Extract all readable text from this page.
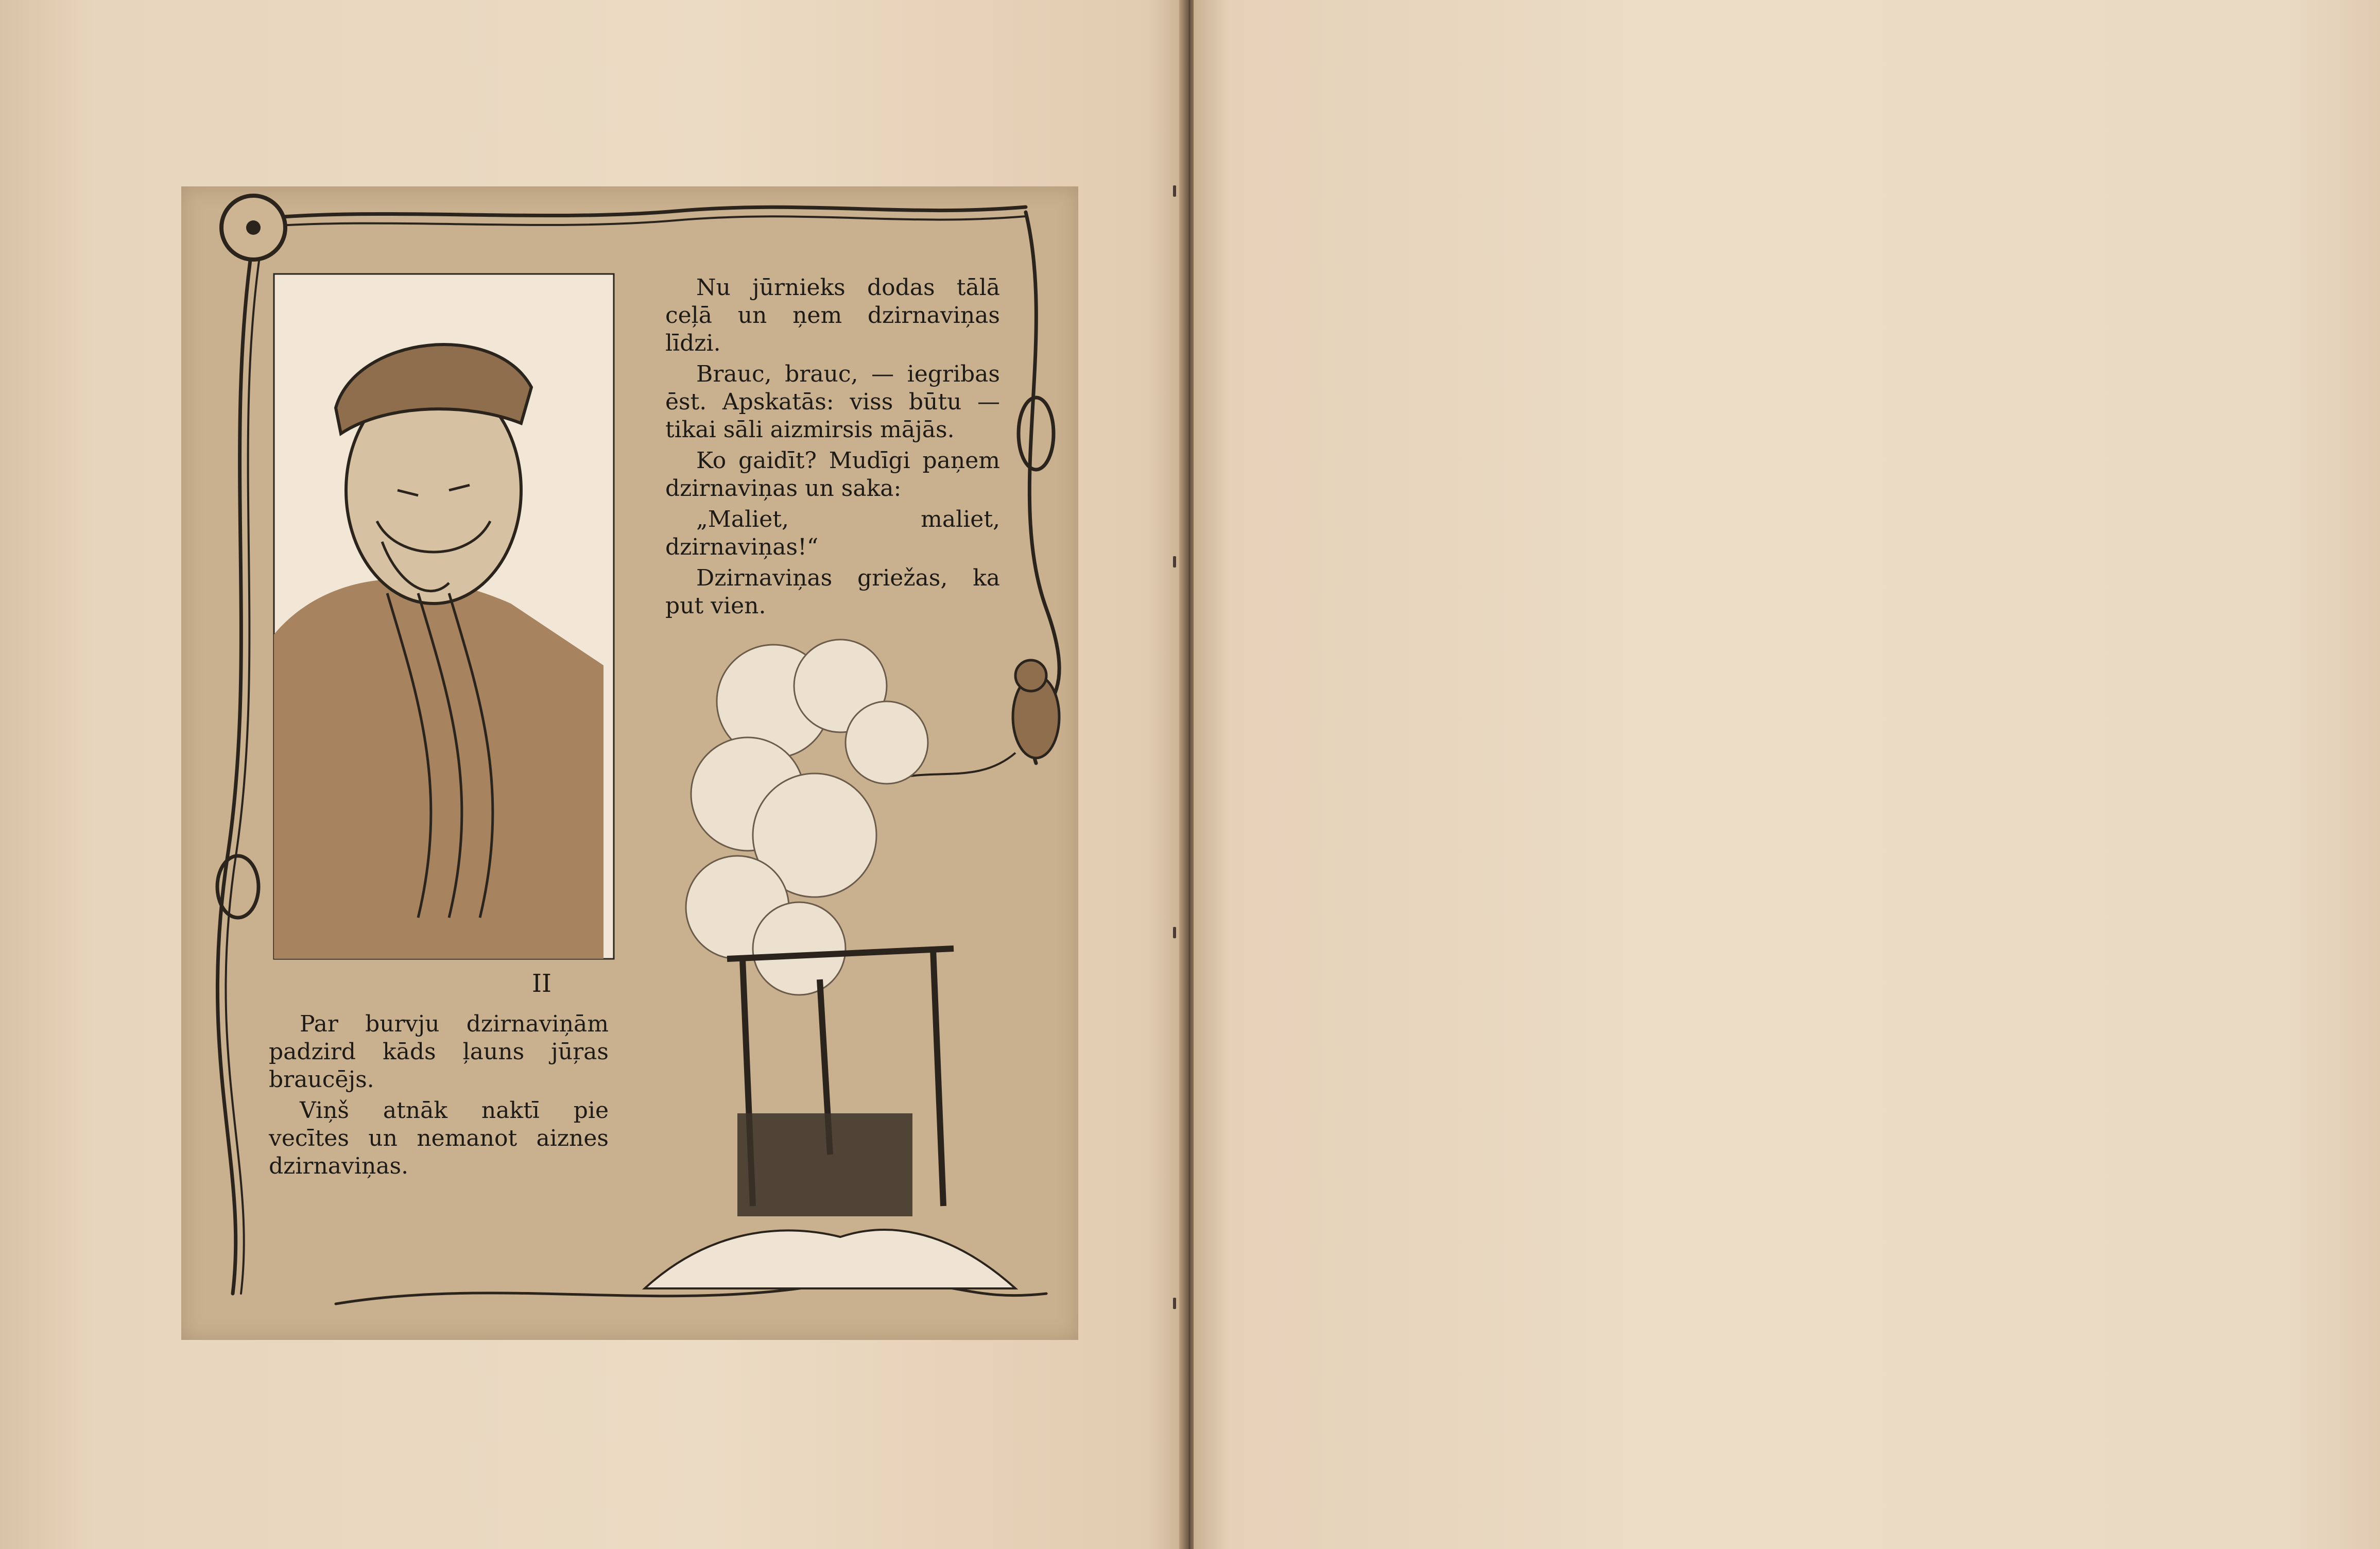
Nu jūrnieks dodas tālā ceļā un ņem dzirnaviņas līdzi.

Brauc, brauc, — iegribas ēst. Apskatās: viss būtu — tikai sāli aizmirsis mājās.

Ko gaidīt? Mudīgi paņem dzirnaviņas un saka:

„Maliet, maliet, dzirnaviņas!“

Dzirnaviņas griežas, ka put vien.

II

Par burvju dzirnaviņām padzird kāds ļauns jūŗas braucējs.

Viņš atnāk naktī pie vecītes un nemanot aiznes dzirnaviņas.
